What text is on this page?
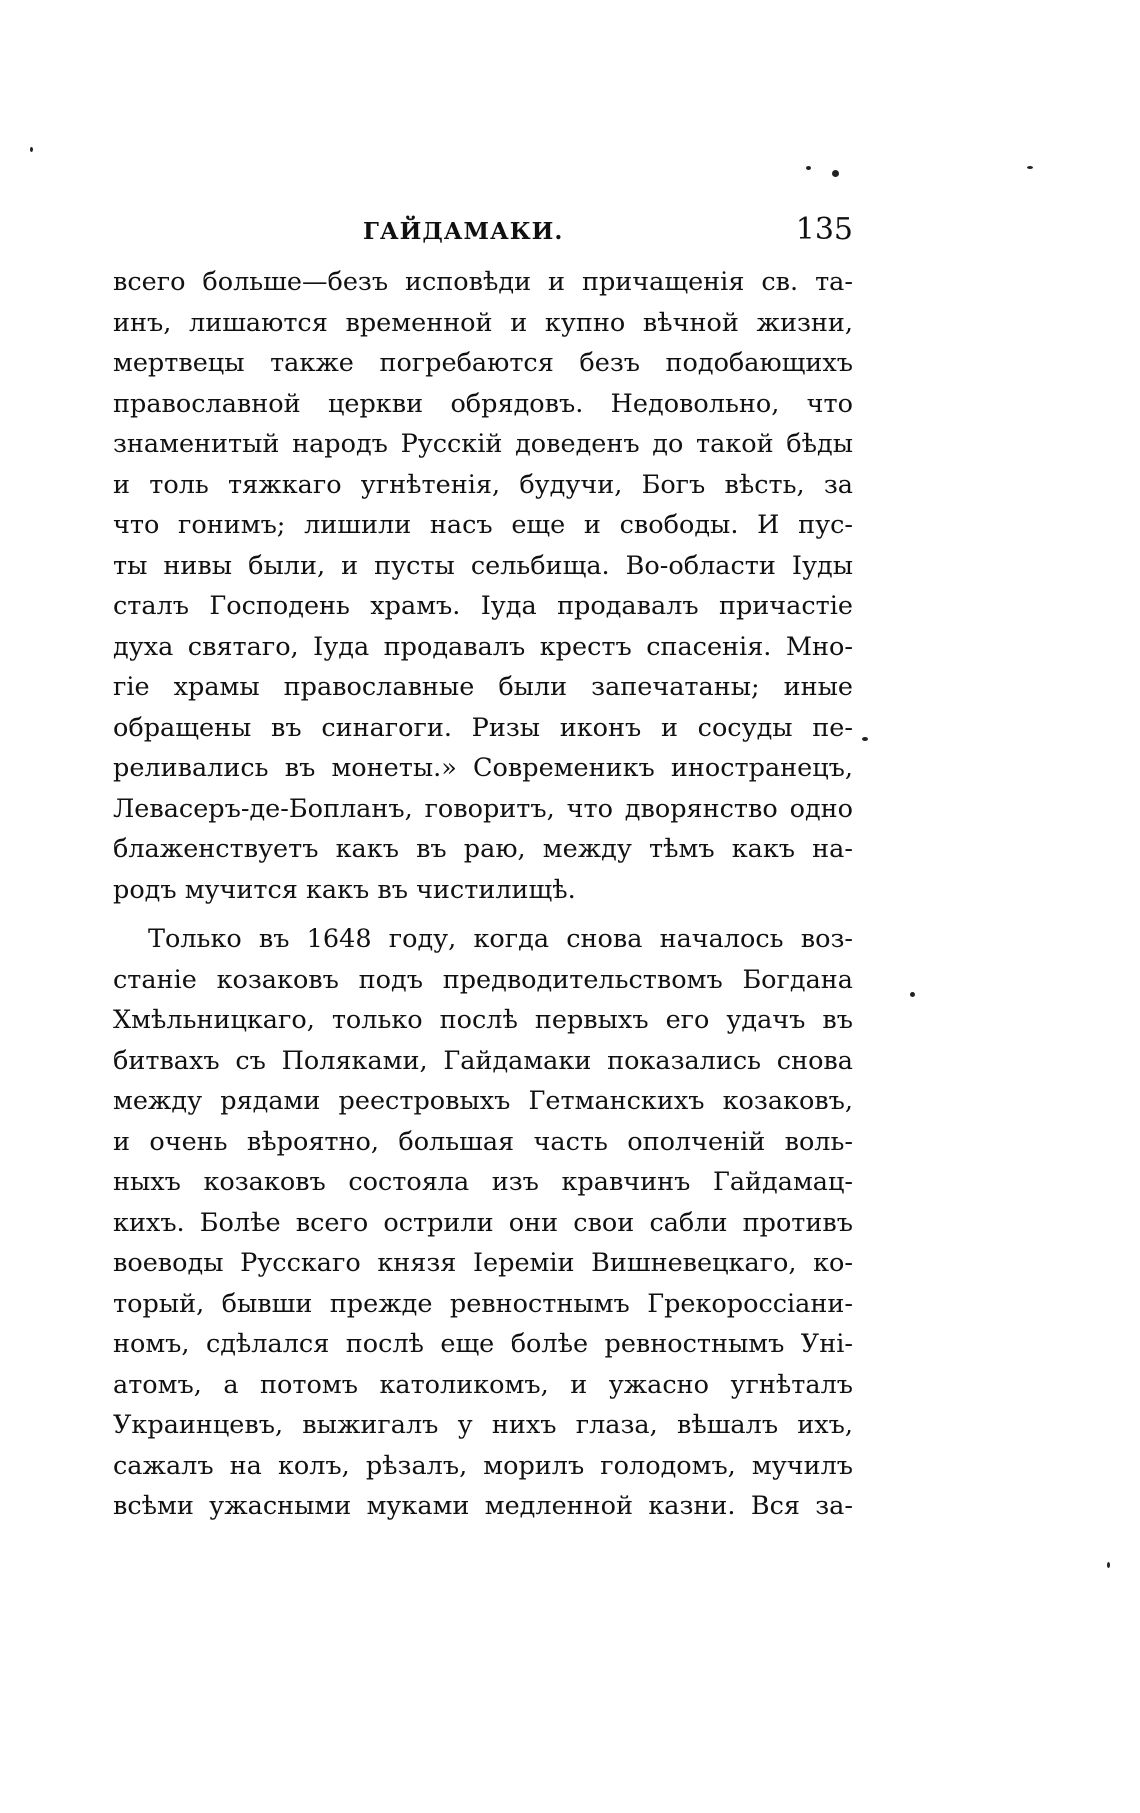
ГАЙДАМАКИ.	135
всего больше—безъ исповѣди и причащенія св. та-
инъ, лишаются временной и купно вѣчной жизни,
мертвецы также погребаются безъ подобающихъ
православной церкви обрядовъ. Недовольно, что
знаменитый народъ Русскій доведенъ до такой бѣды
и толь тяжкаго угнѣтенія, будучи, Богъ вѣсть, за
что гонимъ; лишили насъ еще и свободы. И пус-
ты нивы были, и пусты сельбища. Во-области Іуды
сталъ Господень храмъ. Іуда продавалъ причастіе
духа святаго, Іуда продавалъ крестъ спасенія. Мно-
гіе храмы православные были запечатаны; иные
обращены въ синагоги. Ризы иконъ и сосуды пе-
реливались въ монеты.» Современикъ иностранецъ,
Левасеръ-де-Бопланъ, говоритъ, что дворянство одно
блаженствуетъ какъ въ раю, между тѣмъ какъ на-
родъ мучится какъ въ чистилищѣ.
Только въ 1648 году, когда снова началось воз-
станіе козаковъ подъ предводительствомъ Богдана
Хмѣльницкаго, только послѣ первыхъ его удачъ въ
битвахъ съ Поляками, Гайдамаки показались снова
между рядами реестровыхъ Гетманскихъ козаковъ,
и очень вѣроятно, большая часть ополченій воль-
ныхъ козаковъ состояла изъ кравчинъ Гайдамац-
кихъ. Болѣе всего острили они свои сабли противъ
воеводы Русскаго князя Іеремiи Вишневецкаго, ко-
торый, бывши прежде ревностнымъ Грекороссіани-
номъ, сдѣлался послѣ еще болѣе ревностнымъ Уні-
атомъ, а потомъ католикомъ, и ужасно угнѣталъ
Украинцевъ, выжигалъ у нихъ глаза, вѣшалъ ихъ,
сажалъ на колъ, рѣзалъ, морилъ голодомъ, мучилъ
всѣми ужасными муками медленной казни. Вся за-
